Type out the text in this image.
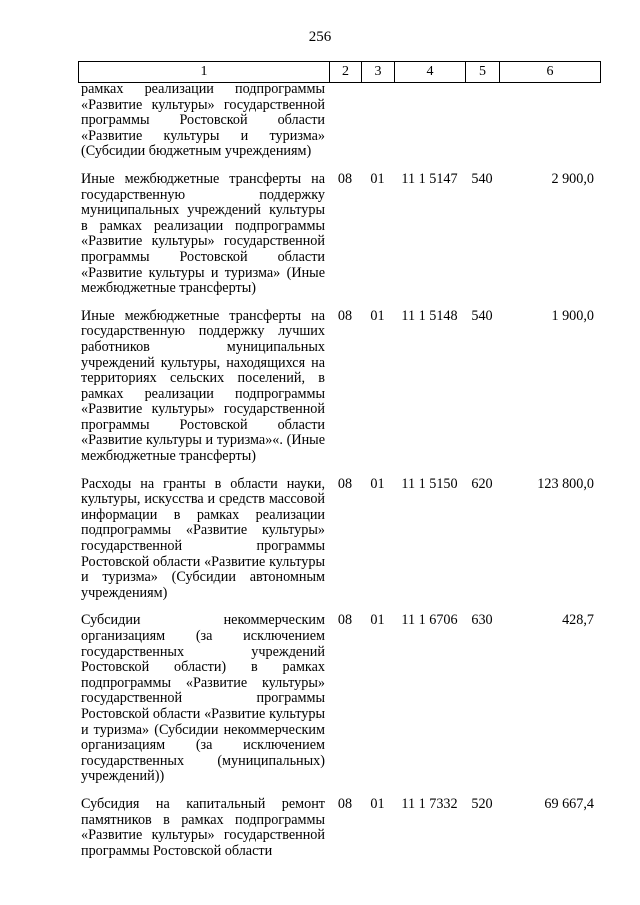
256
1	2	3	4	5	6
рамках реализации подпрограммы «Развитие культуры» государственной программы Ростовской области «Развитие культуры и туризма» (Субсидии бюджетным учреждениям)					
Иные межбюджетные трансферты на государственную поддержку муниципальных учреждений культуры в рамках реализации подпрограммы «Развитие культуры» государственной программы Ростовской области «Развитие культуры и туризма» (Иные межбюджетные трансферты)	08	01	11 1 5147	540	2 900,0
Иные межбюджетные трансферты на государственную поддержку лучших работников муниципальных учреждений культуры, находящихся на территориях сельских поселений, в рамках реализации подпрограммы «Развитие культуры» государственной программы Ростовской области «Развитие культуры и туризма»«. (Иные межбюджетные трансферты)	08	01	11 1 5148	540	1 900,0
Расходы на гранты в области науки, культуры, искусства и средств массовой информации в рамках реализации подпрограммы «Развитие культуры» государственной программы Ростовской области «Развитие культуры и туризма» (Субсидии автономным учреждениям)	08	01	11 1 5150	620	123 800,0
Субсидии некоммерческим организациям (за исключением государственных учреждений Ростовской области) в рамках подпрограммы «Развитие культуры» государственной программы Ростовской области «Развитие культуры и туризма» (Субсидии некоммерческим организациям (за исключением государственных (муниципальных) учреждений))	08	01	11 1 6706	630	428,7
Субсидия на капитальный ремонт памятников в рамках подпрограммы «Развитие культуры» государственной программы Ростовской области	08	01	11 1 7332	520	69 667,4
